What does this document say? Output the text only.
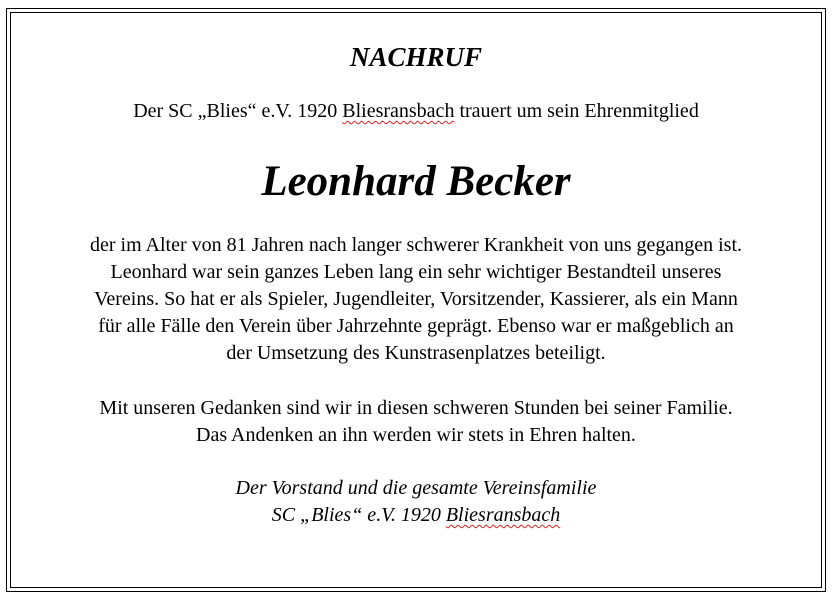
NACHRUF
Der SC „Blies“ e.V. 1920 Bliesransbach trauert um sein Ehrenmitglied
Leonhard Becker
der im Alter von 81 Jahren nach langer schwerer Krankheit von uns gegangen ist.
Leonhard war sein ganzes Leben lang ein sehr wichtiger Bestandteil unseres
Vereins. So hat er als Spieler, Jugendleiter, Vorsitzender, Kassierer, als ein Mann
für alle Fälle den Verein über Jahrzehnte geprägt. Ebenso war er maßgeblich an
der Umsetzung des Kunstrasenplatzes beteiligt.
Mit unseren Gedanken sind wir in diesen schweren Stunden bei seiner Familie.
Das Andenken an ihn werden wir stets in Ehren halten.
Der Vorstand und die gesamte Vereinsfamilie
SC „Blies“ e.V. 1920 Bliesransbach
